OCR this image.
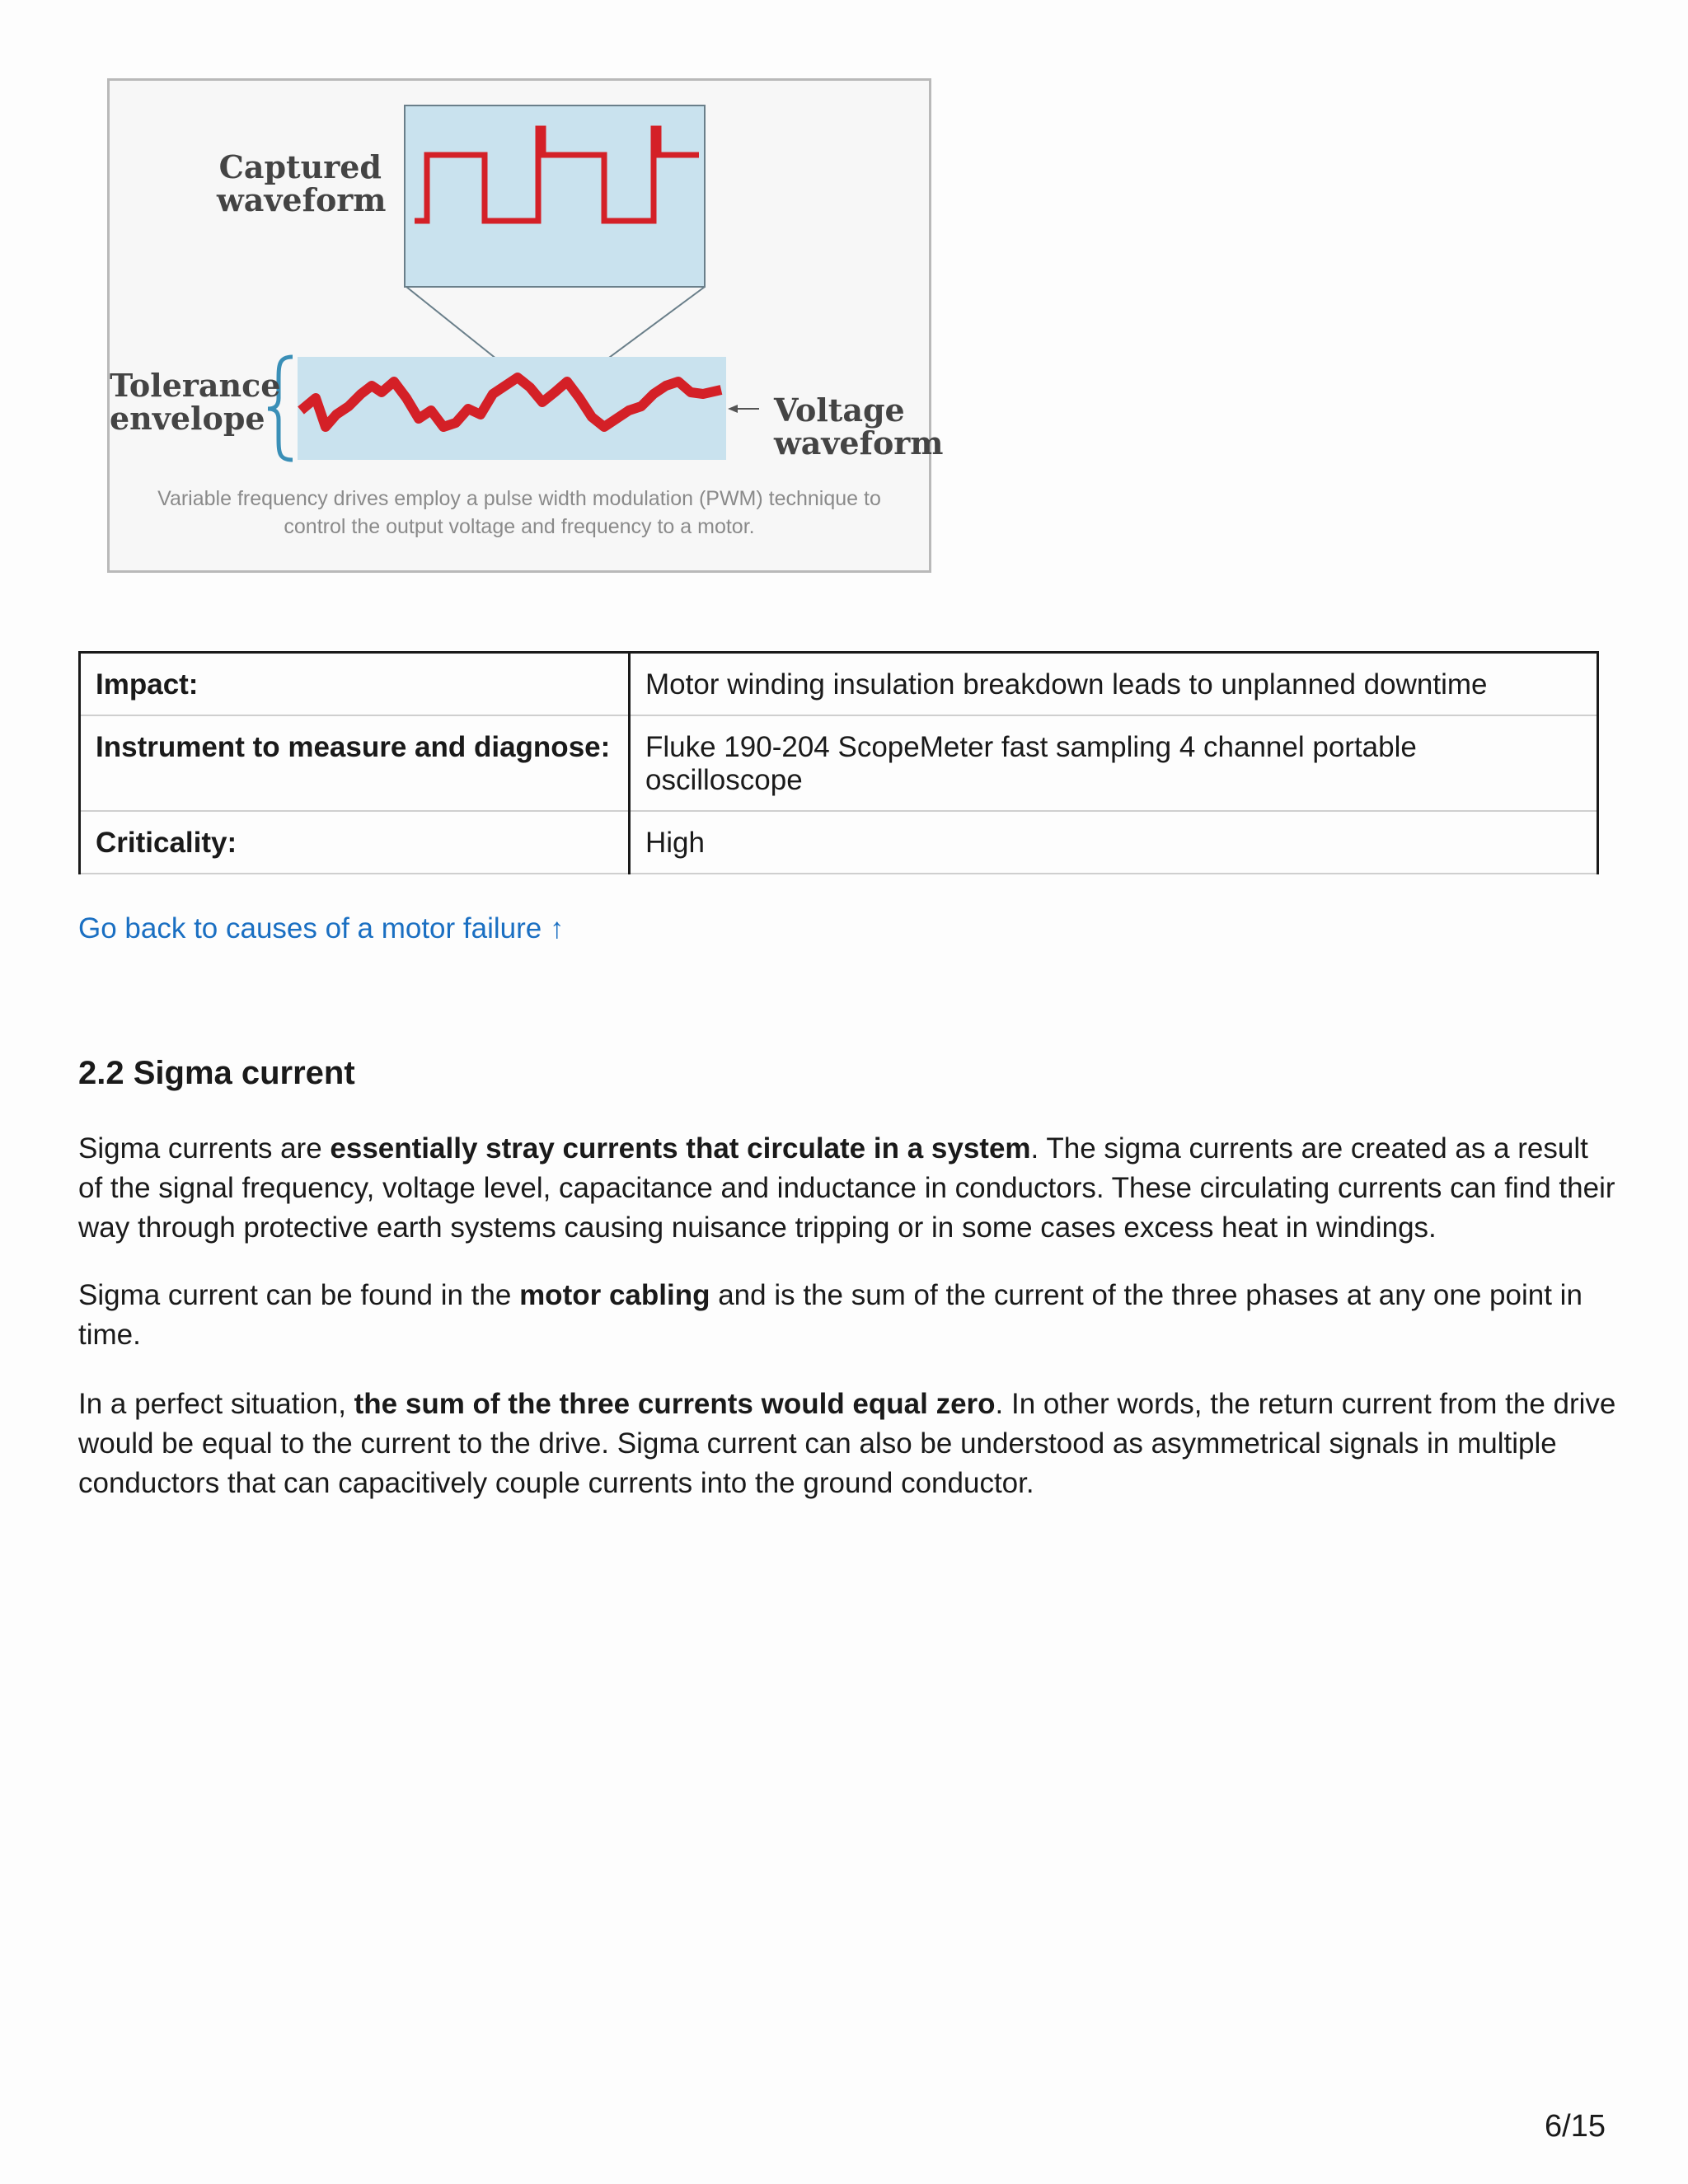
Captured
waveform
Tolerance
envelope	Voltage
waveform
Variable frequency drives employ a pulse width modulation (PWM) technique to control the output voltage and frequency to a motor.
Impact:	Motor winding insulation breakdown leads to unplanned downtime
Instrument to measure and diagnose:	Fluke 190-204 ScopeMeter fast sampling 4 channel portable oscilloscope
Criticality:	High
Go back to causes of a motor failure ↑
2.2 Sigma current

Sigma currents are essentially stray currents that circulate in a system. The sigma currents are created as a result of the signal frequency, voltage level, capacitance and inductance in conductors. These circulating currents can find their way through protective earth systems causing nuisance tripping or in some cases excess heat in windings.

Sigma current can be found in the motor cabling and is the sum of the current of the three phases at any one point in time.

In a perfect situation, the sum of the three currents would equal zero. In other words, the return current from the drive would be equal to the current to the drive. Sigma current can also be understood as asymmetrical signals in multiple conductors that can capacitively couple currents into the ground conductor.

6/15
